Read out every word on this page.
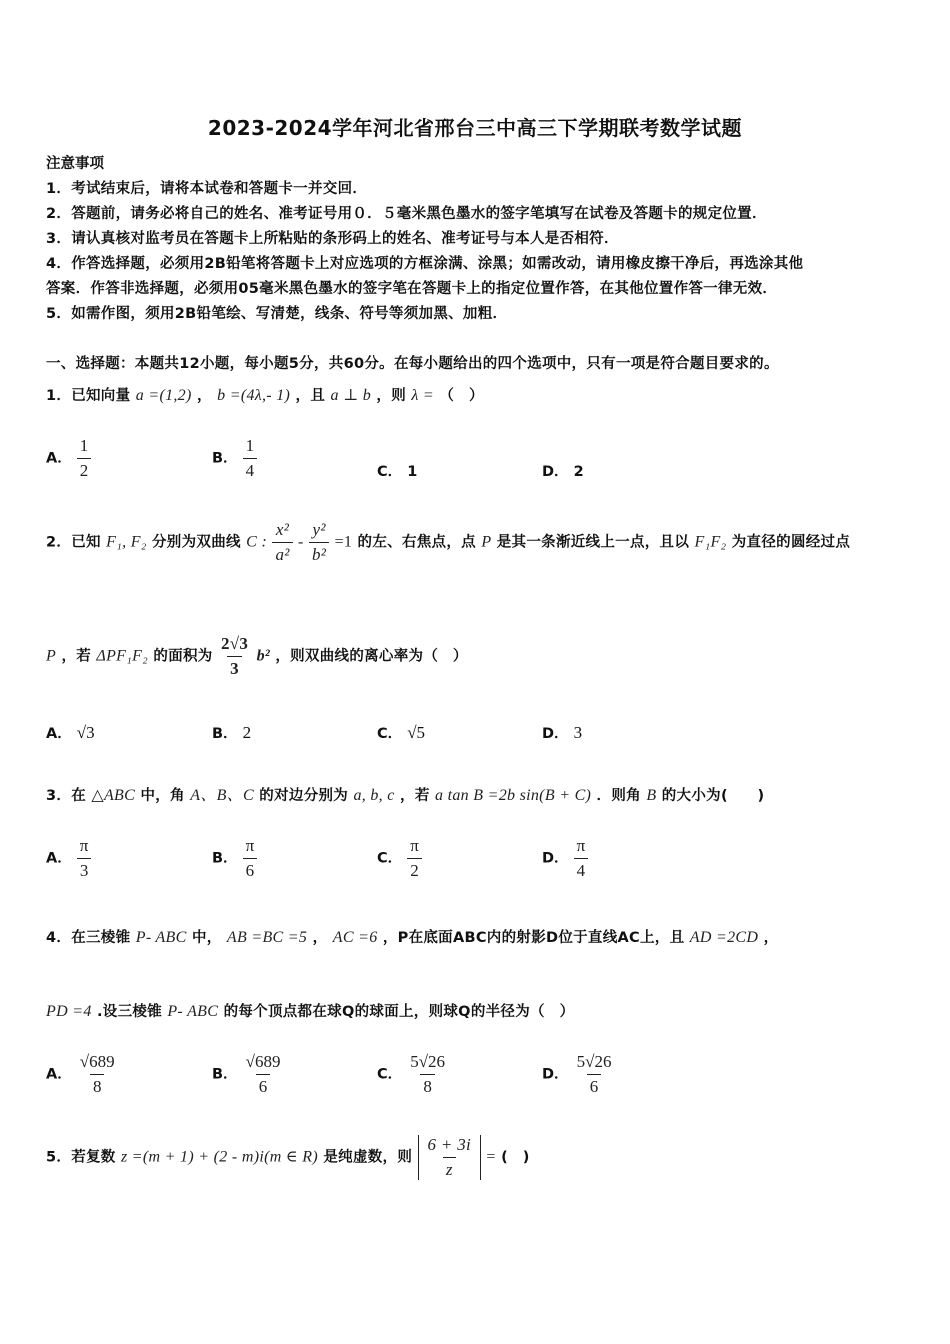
2023-2024学年河北省邢台三中高三下学期联考数学试题
注意事项
1．考试结束后，请将本试卷和答题卡一并交回．
2．答题前，请务必将自己的姓名、准考证号用０．５毫米黑色墨水的签字笔填写在试卷及答题卡的规定位置．
3．请认真核对监考员在答题卡上所粘贴的条形码上的姓名、准考证号与本人是否相符．
4．作答选择题，必须用2B铅笔将答题卡上对应选项的方框涂满、涂黑；如需改动，请用橡皮擦干净后，再选涂其他
答案．作答非选择题，必须用05毫米黑色墨水的签字笔在答题卡上的指定位置作答，在其他位置作答一律无效．
5．如需作图，须用2B铅笔绘、写清楚，线条、符号等须加黑、加粗．
一、选择题：本题共12小题，每小题5分，共60分。在每小题给出的四个选项中，只有一项是符合题目要求的。
1．已知向量 a =(1,2) ， b =(4λ,- 1) ，且 a ⊥ b ，则 λ = （　）
A． $\frac{1}{2}$	B． $\frac{1}{4}$	C． 1	D． 2
2．已知 F₁, F₂ 分别为双曲线 C : $\frac{\text{x²}}{\text{a²}} - \frac{\text{y²}}{\text{b²}} =1$ 的左、右焦点，点 P 是其一条渐近线上一点，且以 F₁F₂ 为直径的圆经过点
P ，若 ΔPF₁F₂ 的面积为 $\frac{2√3}{3} b^2$ ，则双曲线的离心率为（　）
A． √3	B． 2	C． √5	D． 3
3．在 △ABC 中，角 A、B、C 的对边分别为 a, b, c ，若 a tan B =2b sin(B + C) ．则角 B 的大小为(　　)
A． $\frac{\pi}{3}$	B． $\frac{\pi}{6}$	C． $\frac{\pi}{2}$	D． $\frac{\pi}{4}$
4．在三棱锥 P- ABC 中， AB =BC =5 ， AC =6 ，P在底面ABC内的射影D位于直线AC上，且 AD =2CD ，
PD =4 .设三棱锥 P- ABC 的每个顶点都在球Q的球面上，则球Q的半径为（　）
A． $\frac{√689}{8}$	B． $\frac{√689}{6}$	C． $\frac{5√26}{8}$	D． $\frac{5√26}{6}$
5．若复数 z =(m + 1) + (2 - m)i(m ∈ R) 是纯虚数，则 $\frac{6 + 3i}{z}$ = (　)
